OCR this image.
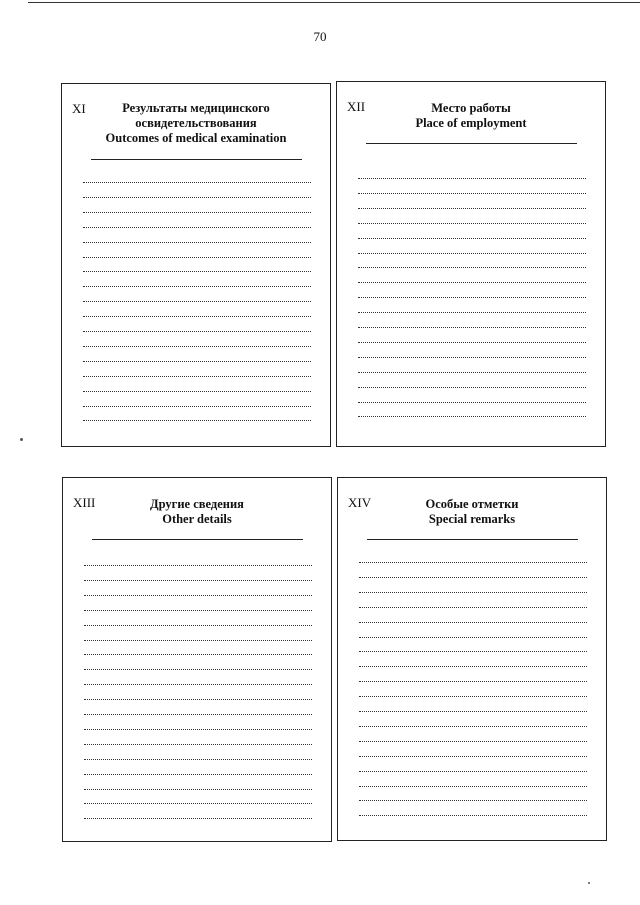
70
XI	Результаты медицинского
освидетельствования
Outcomes of medical examination
XII	Место работы
Place of employment
XIII	Другие сведения
Other details
XIV	Особые отметки
Special remarks
